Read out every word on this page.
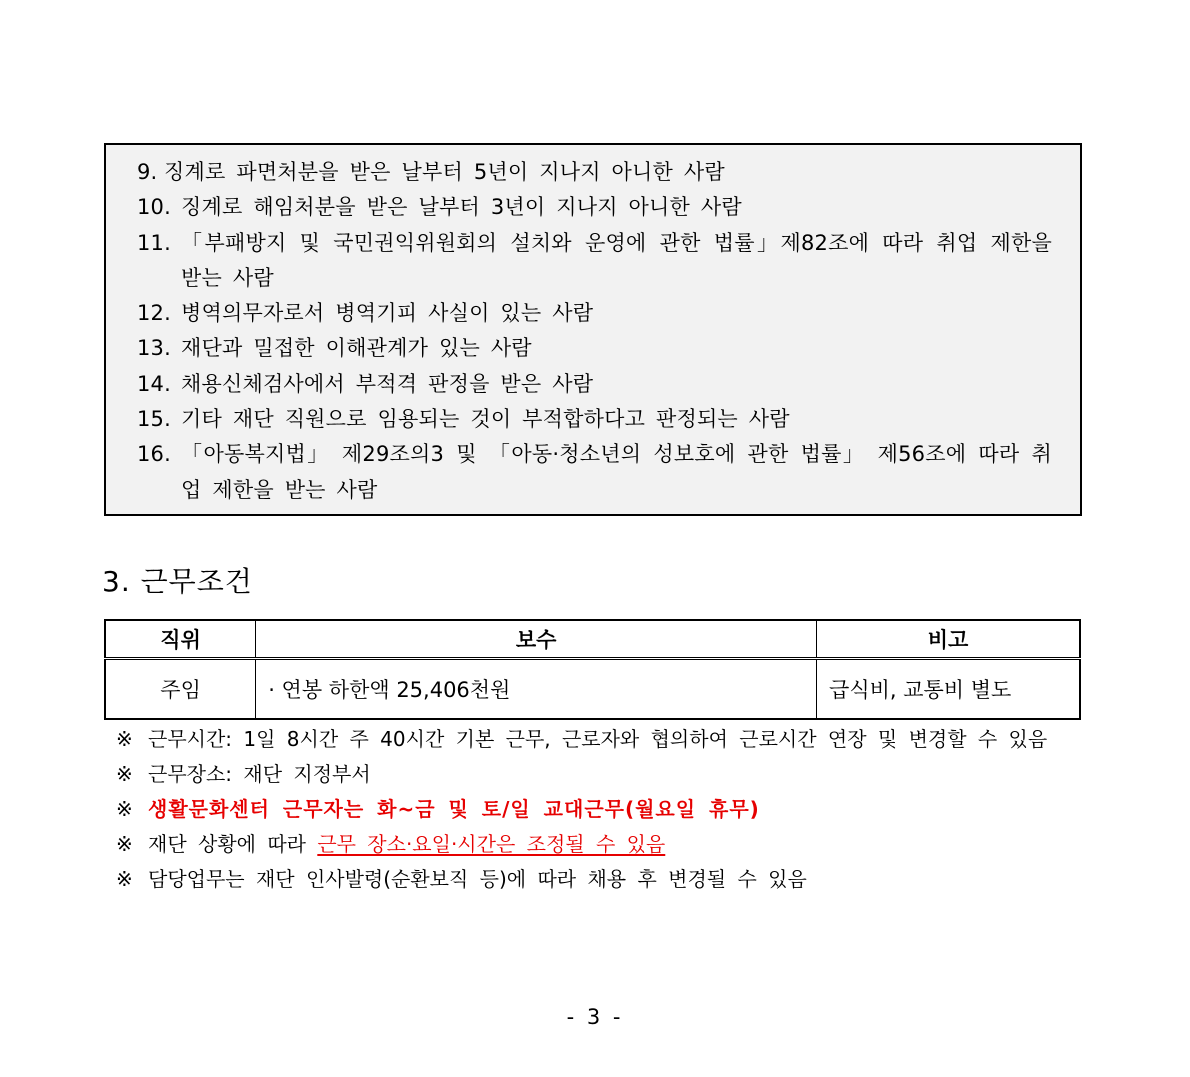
9. 징계로 파면처분을 받은 날부터 5년이 지나지 아니한 사람
10. 징계로 해임처분을 받은 날부터 3년이 지나지 아니한 사람
11. 「부패방지 및 국민권익위원회의 설치와 운영에 관한 법률」제82조에 따라 취업 제한을 받는 사람
12. 병역의무자로서 병역기피 사실이 있는 사람
13. 재단과 밀접한 이해관계가 있는 사람
14. 채용신체검사에서 부적격 판정을 받은 사람
15. 기타 재단 직원으로 임용되는 것이 부적합하다고 판정되는 사람
16. 「아동복지법」 제29조의3 및 「아동·청소년의 성보호에 관한 법률」 제56조에 따라 취업 제한을 받는 사람
3. 근무조건
직위	보수	비고
주임	· 연봉 하한액 25,406천원	급식비, 교통비 별도
※ 근무시간: 1일 8시간 주 40시간 기본 근무, 근로자와 협의하여 근로시간 연장 및 변경할 수 있음
※ 근무장소: 재단 지정부서
※ 생활문화센터 근무자는 화~금 및 토/일 교대근무(월요일 휴무)
※ 재단 상황에 따라 근무 장소·요일·시간은 조정될 수 있음
※ 담당업무는 재단 인사발령(순환보직 등)에 따라 채용 후 변경될 수 있음
- 3 -
